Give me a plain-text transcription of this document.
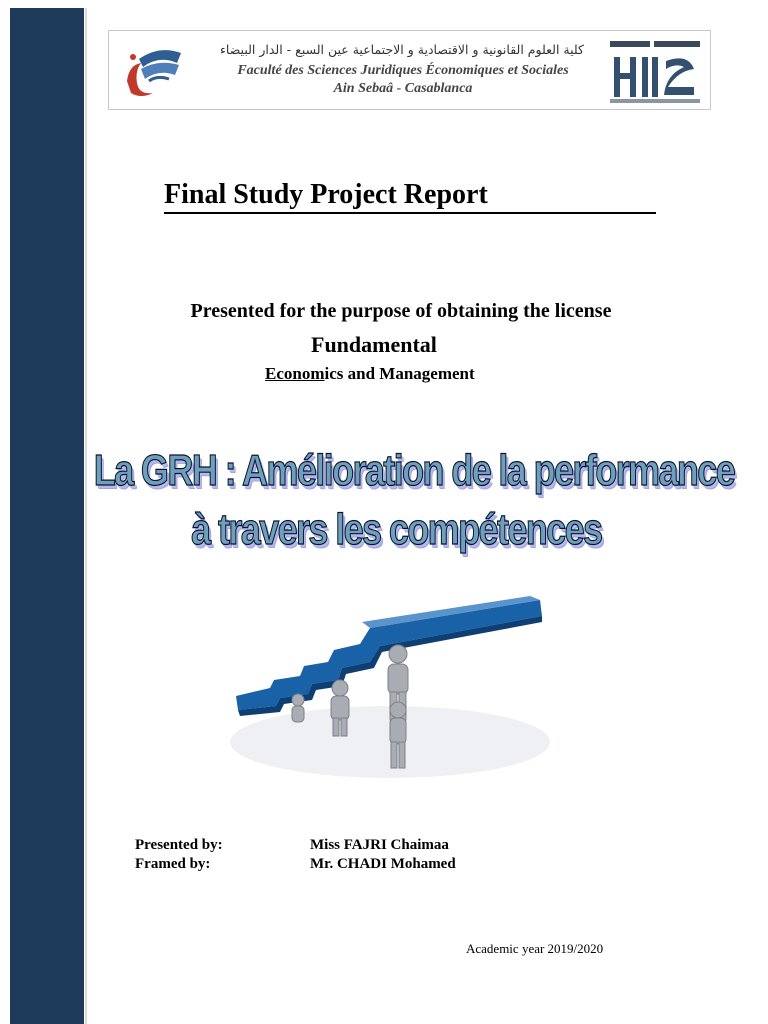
كلية العلوم القانونية و الاقتصادية و الاجتماعية عين السبع - الدار البيضاء
Faculté des Sciences Juridiques Économiques et Sociales
Ain Sebaâ - Casablanca
Final Study Project Report
Presented for the purpose of obtaining the license
Fundamental
Economics and Management
La GRH : Amélioration de la performance
à travers les compétences
Presented by:	Miss FAJRI Chaimaa
Framed by:	Mr. CHADI Mohamed
Academic year 2019/2020
